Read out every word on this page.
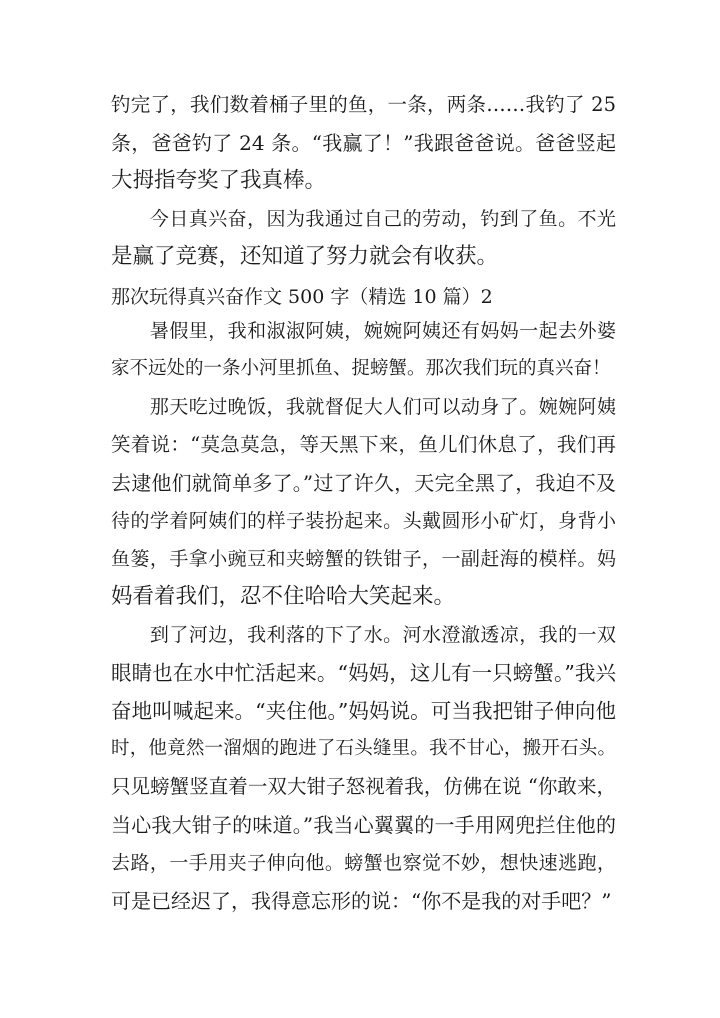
钓完了，我们数着桶子里的鱼，一条，两条……我钓了 25
条，爸爸钓了 24 条。“我赢了！”我跟爸爸说。爸爸竖起
大拇指夸奖了我真棒。
　　今日真兴奋，因为我通过自己的劳动，钓到了鱼。不光
是赢了竞赛，还知道了努力就会有收获。
那次玩得真兴奋作文 500 字（精选 10 篇）2
　　暑假里，我和淑淑阿姨，婉婉阿姨还有妈妈一起去外婆
家不远处的一条小河里抓鱼、捉螃蟹。那次我们玩的真兴奋！
　　那天吃过晚饭，我就督促大人们可以动身了。婉婉阿姨
笑着说：“莫急莫急，等天黑下来，鱼儿们休息了，我们再
去逮他们就简单多了。”过了许久，天完全黑了，我迫不及
待的学着阿姨们的样子装扮起来。头戴圆形小矿灯，身背小
鱼篓，手拿小豌豆和夹螃蟹的铁钳子，一副赶海的模样。妈
妈看着我们，忍不住哈哈大笑起来。
　　到了河边，我利落的下了水。河水澄澈透凉，我的一双
眼睛也在水中忙活起来。“妈妈，这儿有一只螃蟹。”我兴
奋地叫喊起来。“夹住他。”妈妈说。可当我把钳子伸向他
时，他竟然一溜烟的跑进了石头缝里。我不甘心，搬开石头。
只见螃蟹竖直着一双大钳子怒视着我，仿佛在说 “你敢来，
当心我大钳子的味道。”我当心翼翼的一手用网兜拦住他的
去路，一手用夹子伸向他。螃蟹也察觉不妙，想快速逃跑，
可是已经迟了，我得意忘形的说：“你不是我的对手吧？”
